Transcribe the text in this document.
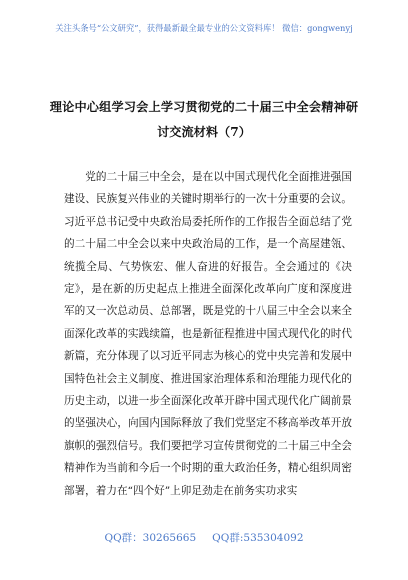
关注头条号“公文研究”，获得最新最全最专业的公文资料库！ 微信：gongwenyj
理论中心组学习会上学习贯彻党的二十届三中全会精神研
讨交流材料（7）

党的二十届三中全会，是在以中国式现代化全面推进强国建设、民族复兴伟业的关键时期举行的一次十分重要的会议。习近平总书记受中央政治局委托所作的工作报告全面总结了党的二十届二中全会以来中央政治局的工作，是一个高屋建瓴、统揽全局、气势恢宏、催人奋进的好报告。全会通过的《决定》，是在新的历史起点上推进全面深化改革向广度和深度进军的又一次总动员、总部署，既是党的十八届三中全会以来全面深化改革的实践续篇，也是新征程推进中国式现代化的时代新篇，充分体现了以习近平同志为核心的党中央完善和发展中国特色社会主义制度、推进国家治理体系和治理能力现代化的历史主动，以进一步全面深化改革开辟中国式现代化广阔前景的坚强决心，向国内国际释放了我们党坚定不移高举改革开放旗帜的强烈信号。我们要把学习宣传贯彻党的二十届三中全会精神作为当前和今后一个时期的重大政治任务，精心组织周密部署，着力在“四个好”上卯足劲走在前务实功求实

QQ群：30265665 QQ群:535304092
